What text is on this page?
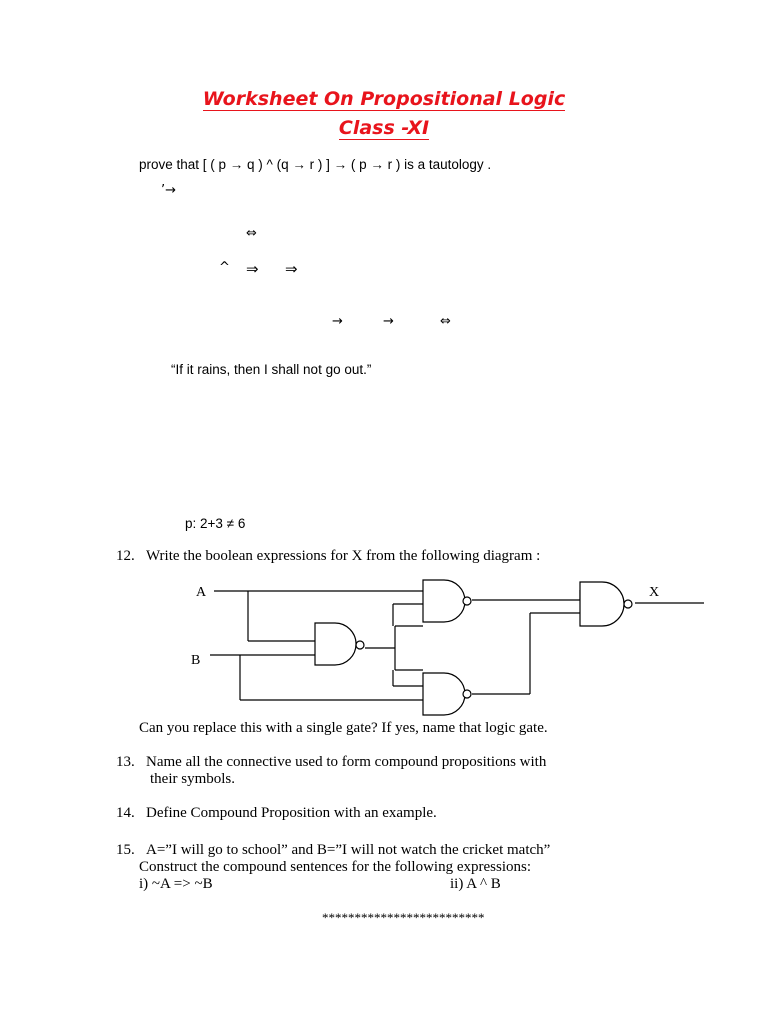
Worksheet On Propositional Logic
Class -XI
prove that [ ( p → q ) ^ (q → r ) ] → ( p → r ) is a tautology .
’→
⇔
^ ⇒ ⇒
→	→	⇔
“If it rains, then I shall not go out.”
p: 2+3 ≠ 6
12. Write the boolean expressions for X from the following diagram :
A
B
X
Can you replace this with a single gate? If yes, name that logic gate.
13. Name all the connective used to form compound propositions with
their symbols.
14. Define Compound Proposition with an example.
15. A=”I will go to school” and B=”I will not watch the cricket match”
Construct the compound sentences for the following expressions:
i) ~A => ~B	ii) A ^ B
*************************
